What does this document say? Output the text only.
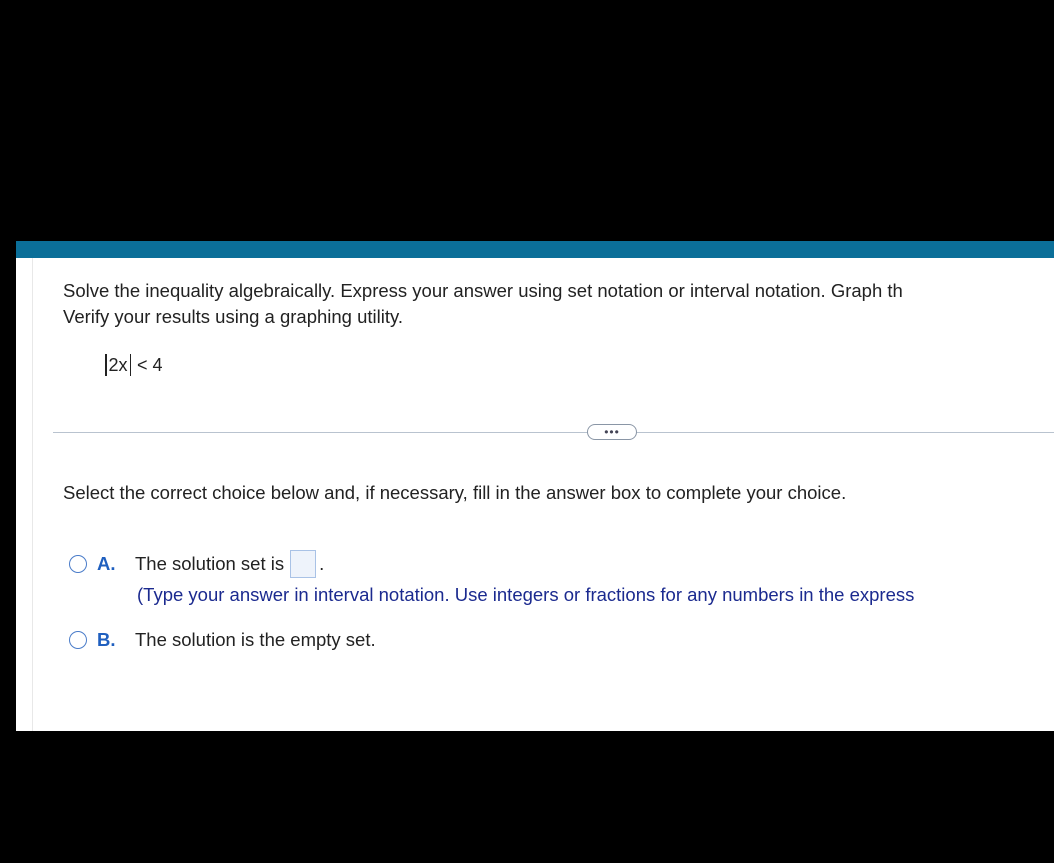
Solve the inequality algebraically. Express your answer using set notation or interval notation. Graph th
Verify your results using a graphing utility.
2x < 4
•••
Select the correct choice below and, if necessary, fill in the answer box to complete your choice.
A.	The solution set is .
(Type your answer in interval notation. Use integers or fractions for any numbers in the express
B.	The solution is the empty set.
